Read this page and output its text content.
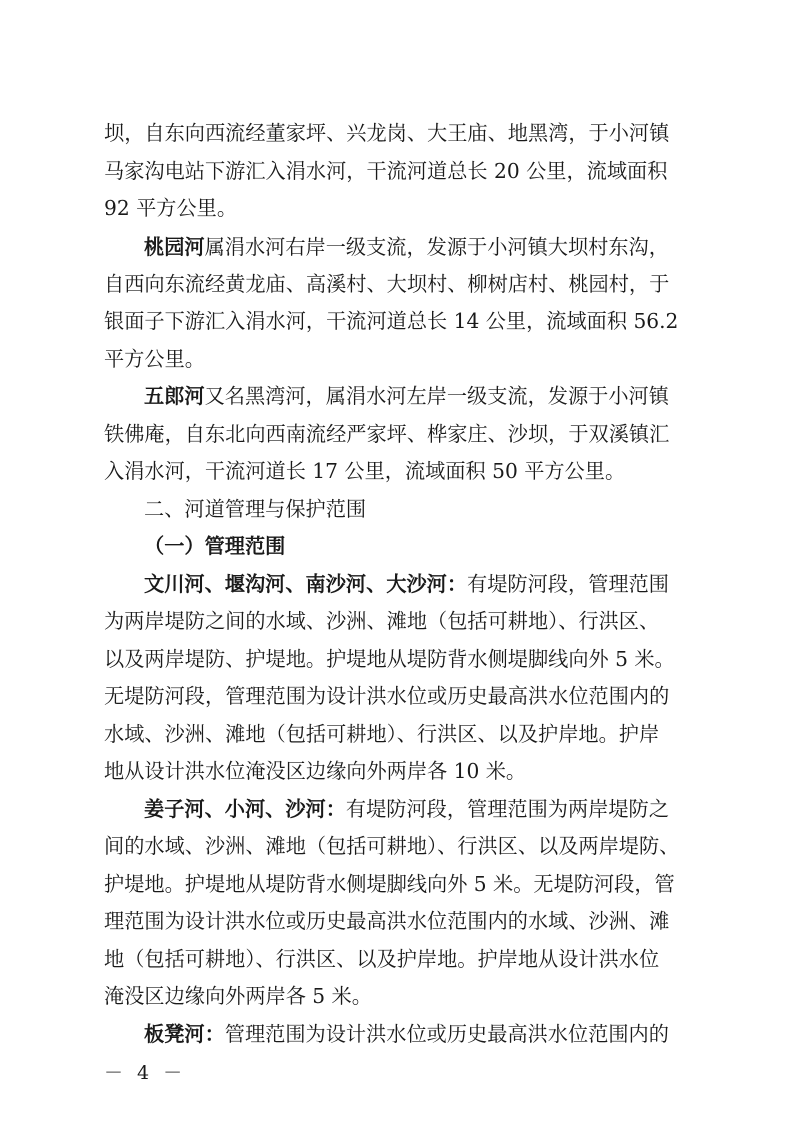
坝，自东向西流经董家坪、兴龙岗、大王庙、地黑湾，于小河镇
马家沟电站下游汇入涓水河，干流河道总长 20 公里，流域面积
92 平方公里。
桃园河属涓水河右岸一级支流，发源于小河镇大坝村东沟，
自西向东流经黄龙庙、高溪村、大坝村、柳树店村、桃园村，于
银面子下游汇入涓水河，干流河道总长 14 公里，流域面积 56.2
平方公里。
五郎河又名黑湾河，属涓水河左岸一级支流，发源于小河镇
铁佛庵，自东北向西南流经严家坪、桦家庄、沙坝，于双溪镇汇
入涓水河，干流河道长 17 公里，流域面积 50 平方公里。
二、河道管理与保护范围
（一）管理范围
文川河、堰沟河、南沙河、大沙河：有堤防河段，管理范围
为两岸堤防之间的水域、沙洲、滩地（包括可耕地）、行洪区、
以及两岸堤防、护堤地。护堤地从堤防背水侧堤脚线向外 5 米。
无堤防河段，管理范围为设计洪水位或历史最高洪水位范围内的
水域、沙洲、滩地（包括可耕地）、行洪区、以及护岸地。护岸
地从设计洪水位淹没区边缘向外两岸各 10 米。
姜子河、小河、沙河：有堤防河段，管理范围为两岸堤防之
间的水域、沙洲、滩地（包括可耕地）、行洪区、以及两岸堤防、
护堤地。护堤地从堤防背水侧堤脚线向外 5 米。无堤防河段，管
理范围为设计洪水位或历史最高洪水位范围内的水域、沙洲、滩
地（包括可耕地）、行洪区、以及护岸地。护岸地从设计洪水位
淹没区边缘向外两岸各 5 米。
板凳河：管理范围为设计洪水位或历史最高洪水位范围内的
－ 4 －
